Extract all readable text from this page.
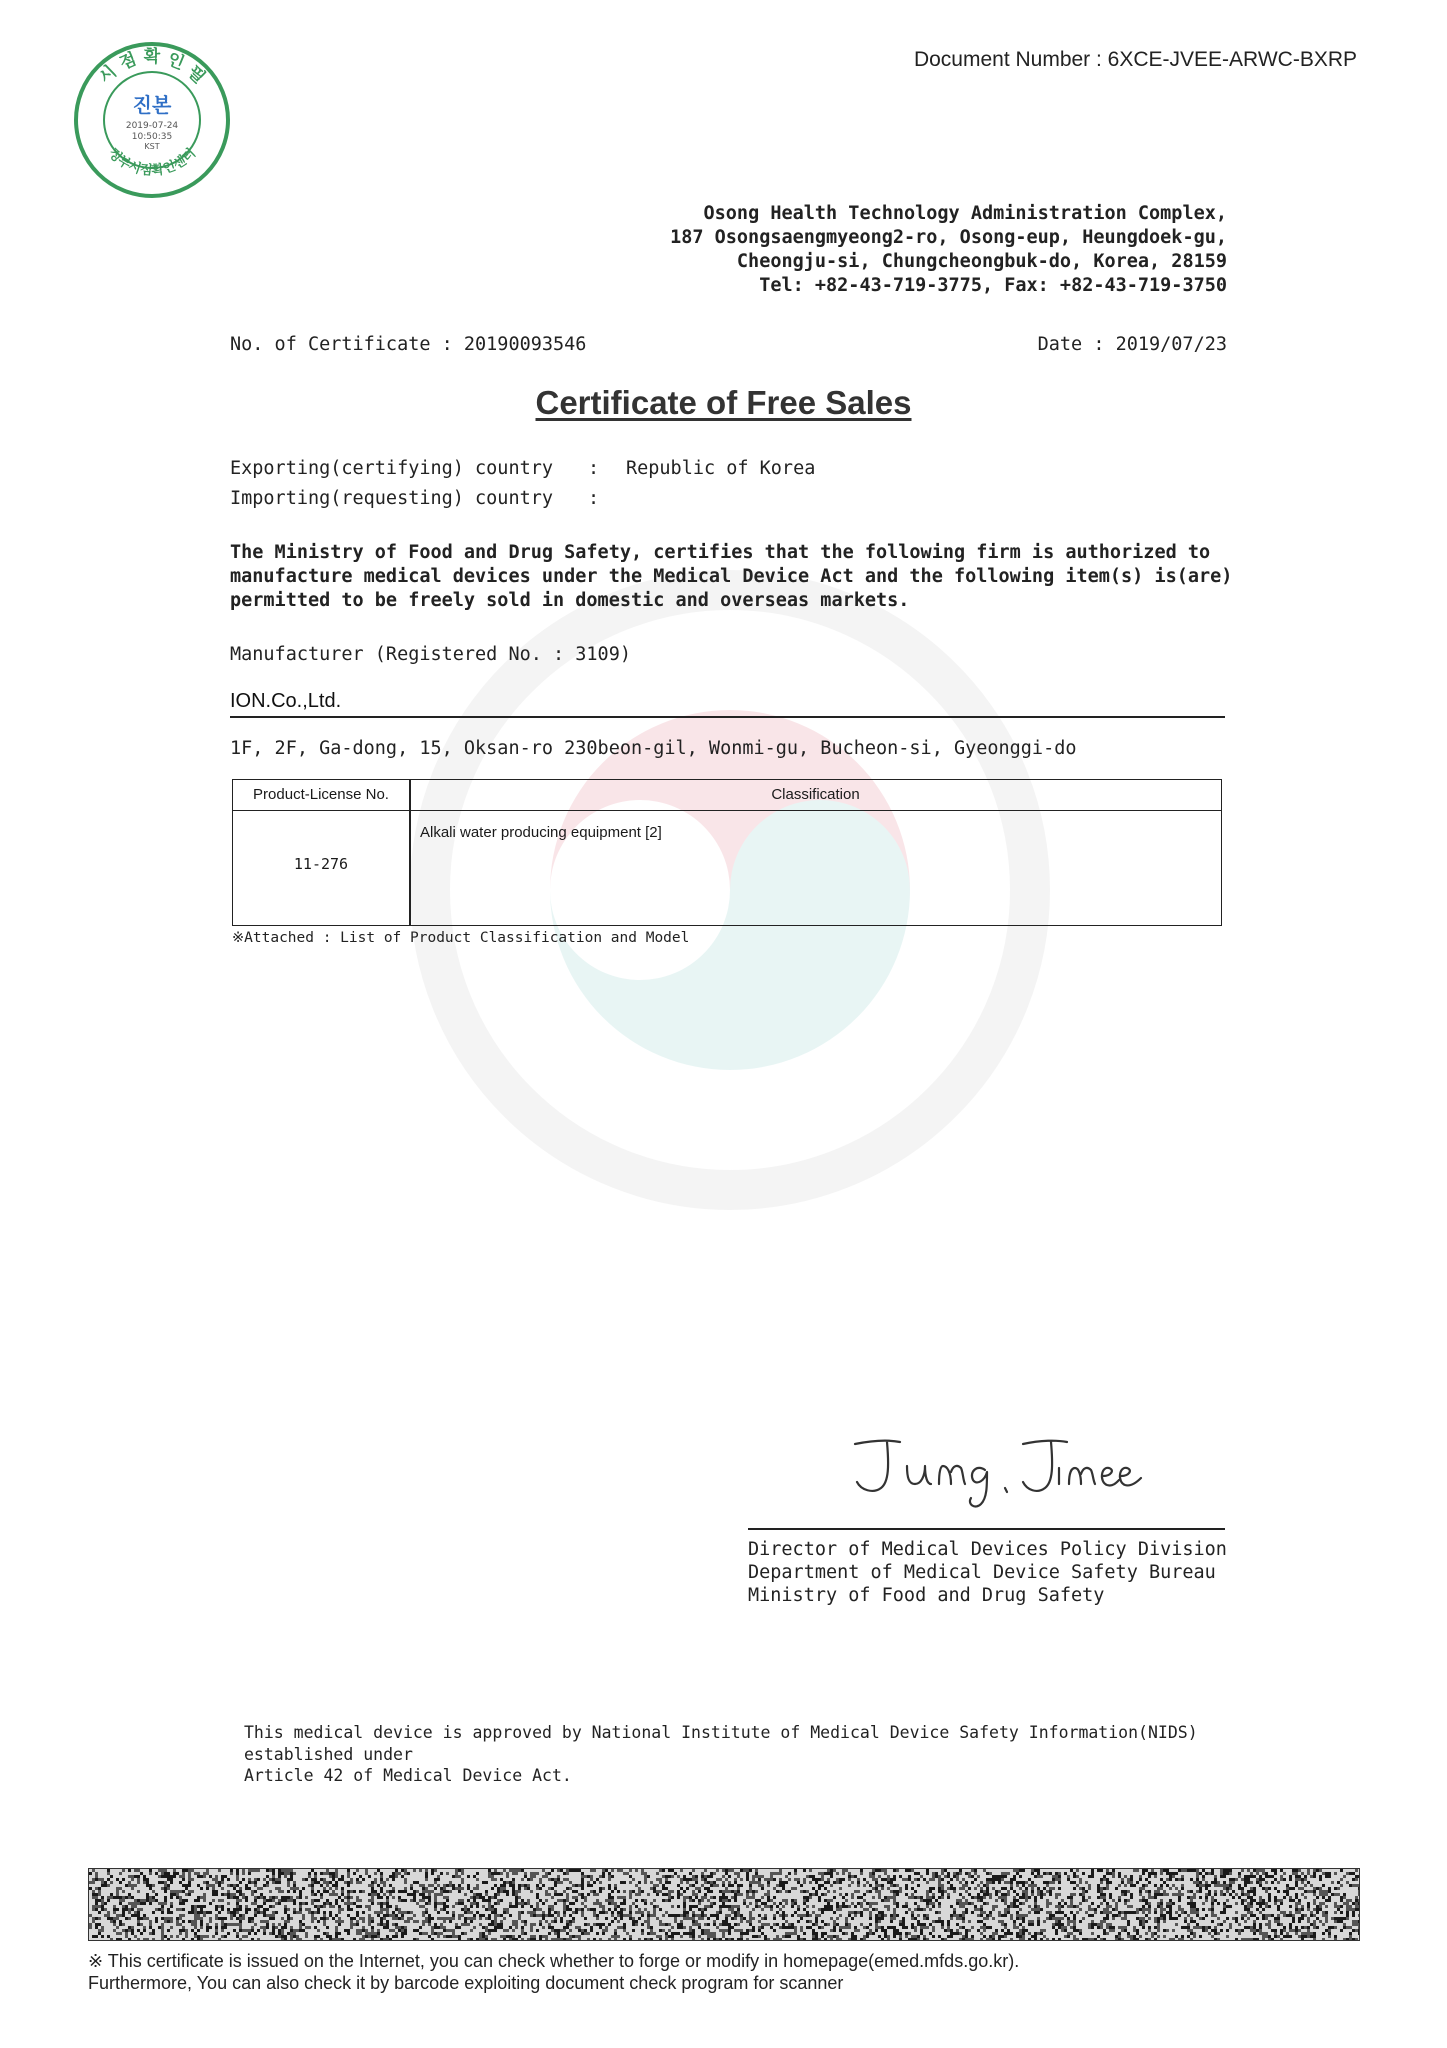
시 점 확 인 필
정부시점확인센터
진본
2019-07-24
10:50:35
KST
Document Number : 6XCE-JVEE-ARWC-BXRP
Osong Health Technology Administration Complex,
187 Osongsaengmyeong2-ro, Osong-eup, Heungdoek-gu,
Cheongju-si, Chungcheongbuk-do, Korea, 28159
Tel: +82-43-719-3775, Fax: +82-43-719-3750
No. of Certificate : 20190093546	Date : 2019/07/23
Certificate of Free Sales
Exporting(certifying) country : Republic of Korea
Importing(requesting) country :
The Ministry of Food and Drug Safety, certifies that the following firm is authorized to
manufacture medical devices under the Medical Device Act and the following item(s) is(are)
permitted to be freely sold in domestic and overseas markets.
Manufacturer (Registered No. : 3109)
ION.Co.,Ltd.
1F, 2F, Ga-dong, 15, Oksan-ro 230beon-gil, Wonmi-gu, Bucheon-si, Gyeonggi-do
Product-License No.	Classification
11-276
Alkali water producing equipment [2]
※Attached : List of Product Classification and Model
Director of Medical Devices Policy Division
Department of Medical Device Safety Bureau
Ministry of Food and Drug Safety
This medical device is approved by National Institute of Medical Device Safety Information(NIDS)
established under
Article 42 of Medical Device Act.
※ This certificate is issued on the Internet, you can check whether to forge or modify in homepage(emed.mfds.go.kr).
Furthermore, You can also check it by barcode exploiting document check program for scanner
